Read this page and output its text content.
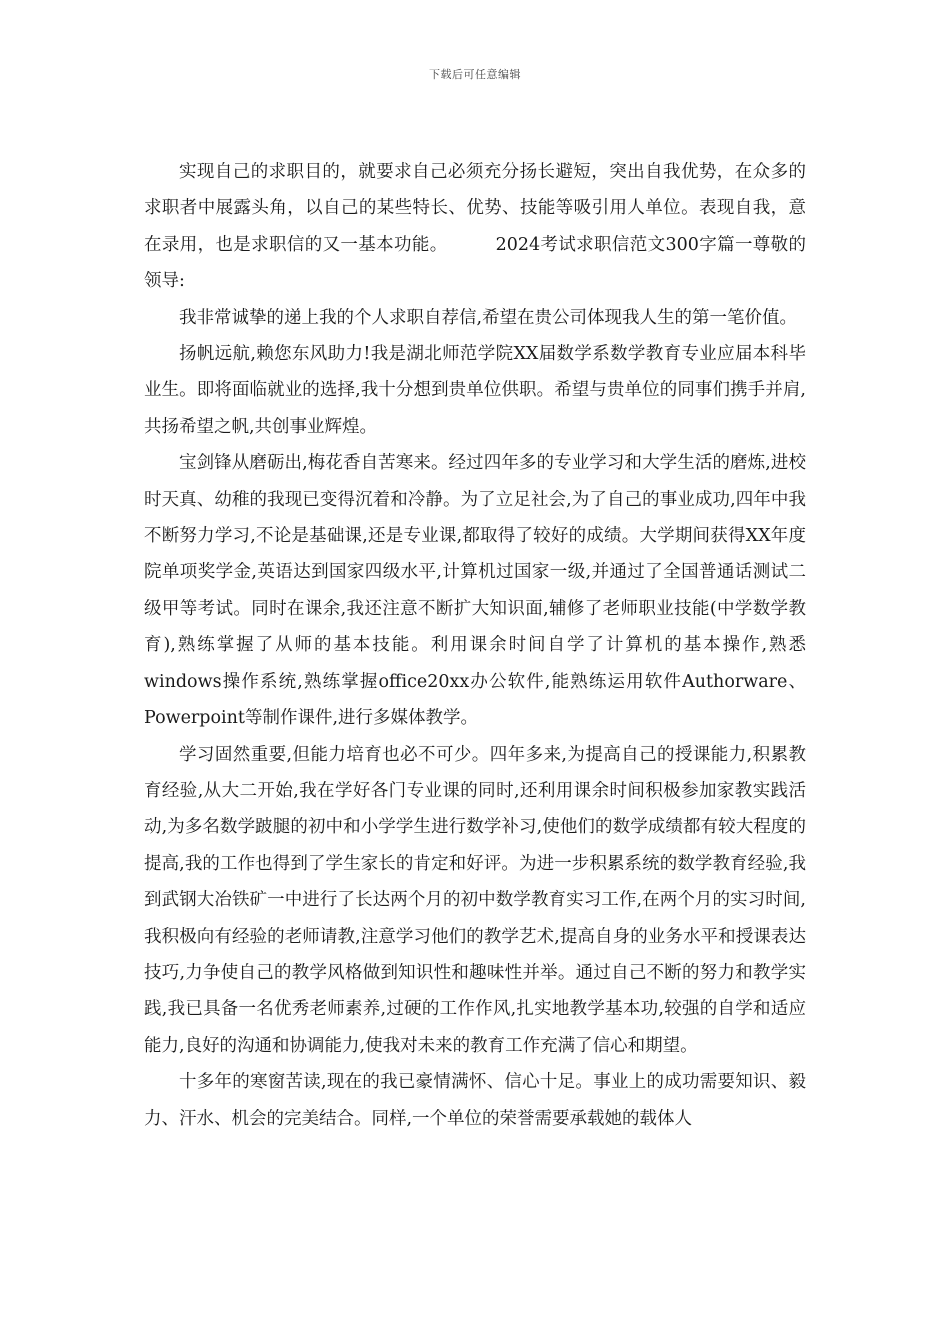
下载后可任意编辑

实现自己的求职目的，就要求自己必须充分扬长避短，突出自我优势，在众多的求职者中展露头角，以自己的某些特长、优势、技能等吸引用人单位。表现自我，意在录用，也是求职信的又一基本功能。	2024考试求职信范文300字篇一尊敬的领导:

我非常诚挚的递上我的个人求职自荐信,希望在贵公司体现我人生的第一笔价值。

扬帆远航,赖您东风助力!我是湖北师范学院XX届数学系数学教育专业应届本科毕业生。即将面临就业的选择,我十分想到贵单位供职。希望与贵单位的同事们携手并肩,共扬希望之帆,共创事业辉煌。

宝剑锋从磨砺出,梅花香自苦寒来。经过四年多的专业学习和大学生活的磨炼,进校时天真、幼稚的我现已变得沉着和冷静。为了立足社会,为了自己的事业成功,四年中我不断努力学习,不论是基础课,还是专业课,都取得了较好的成绩。大学期间获得XX年度院单项奖学金,英语达到国家四级水平,计算机过国家一级,并通过了全国普通话测试二级甲等考试。同时在课余,我还注意不断扩大知识面,辅修了老师职业技能(中学数学教育),熟练掌握了从师的基本技能。利用课余时间自学了计算机的基本操作,熟悉windows操作系统,熟练掌握office20xx办公软件,能熟练运用软件Authorware、Powerpoint等制作课件,进行多媒体教学。

学习固然重要,但能力培育也必不可少。四年多来,为提高自己的授课能力,积累教育经验,从大二开始,我在学好各门专业课的同时,还利用课余时间积极参加家教实践活动,为多名数学跛腿的初中和小学学生进行数学补习,使他们的数学成绩都有较大程度的提高,我的工作也得到了学生家长的肯定和好评。为进一步积累系统的数学教育经验,我到武钢大冶铁矿一中进行了长达两个月的初中数学教育实习工作,在两个月的实习时间,我积极向有经验的老师请教,注意学习他们的教学艺术,提高自身的业务水平和授课表达技巧,力争使自己的教学风格做到知识性和趣味性并举。通过自己不断的努力和教学实践,我已具备一名优秀老师素养,过硬的工作作风,扎实地教学基本功,较强的自学和适应能力,良好的沟通和协调能力,使我对未来的教育工作充满了信心和期望。

十多年的寒窗苦读,现在的我已豪情满怀、信心十足。事业上的成功需要知识、毅力、汗水、机会的完美结合。同样,一个单位的荣誉需要承载她的载体人
